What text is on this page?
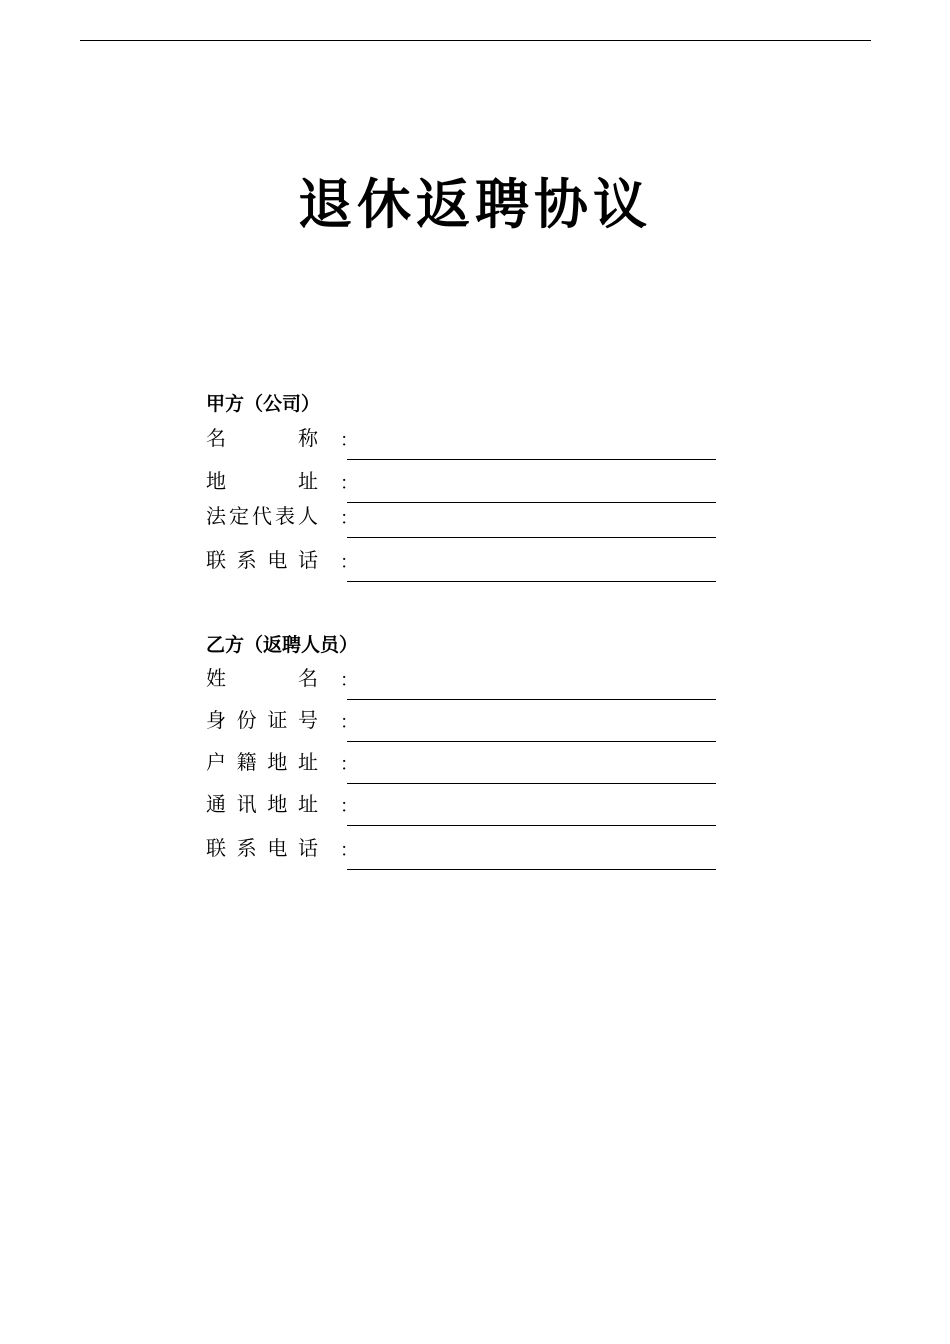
退休返聘协议
甲方（公司）
名称 ：
地址 ：
法定代表人 ：
联系电话 ：
乙方（返聘人员）
姓名 ：
身份证号 ：
户籍地址 ：
通讯地址 ：
联系电话 ：
